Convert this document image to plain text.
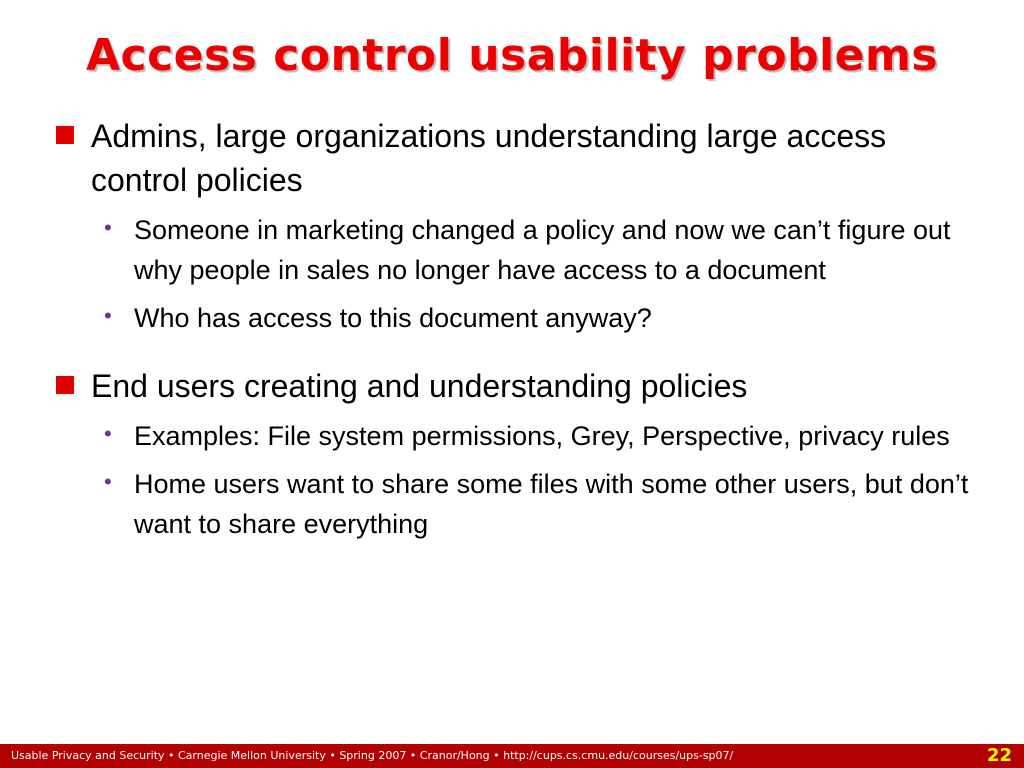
Access control usability problems
Admins, large organizations understanding large access control policies
• Someone in marketing changed a policy and now we can’t figure out why people in sales no longer have access to a document
• Who has access to this document anyway?
End users creating and understanding policies
• Examples: File system permissions, Grey, Perspective, privacy rules
• Home users want to share some files with some other users, but don’t want to share everything
Usable Privacy and Security • Carnegie Mellon University • Spring 2007 • Cranor/Hong • http://cups.cs.cmu.edu/courses/ups-sp07/	22
